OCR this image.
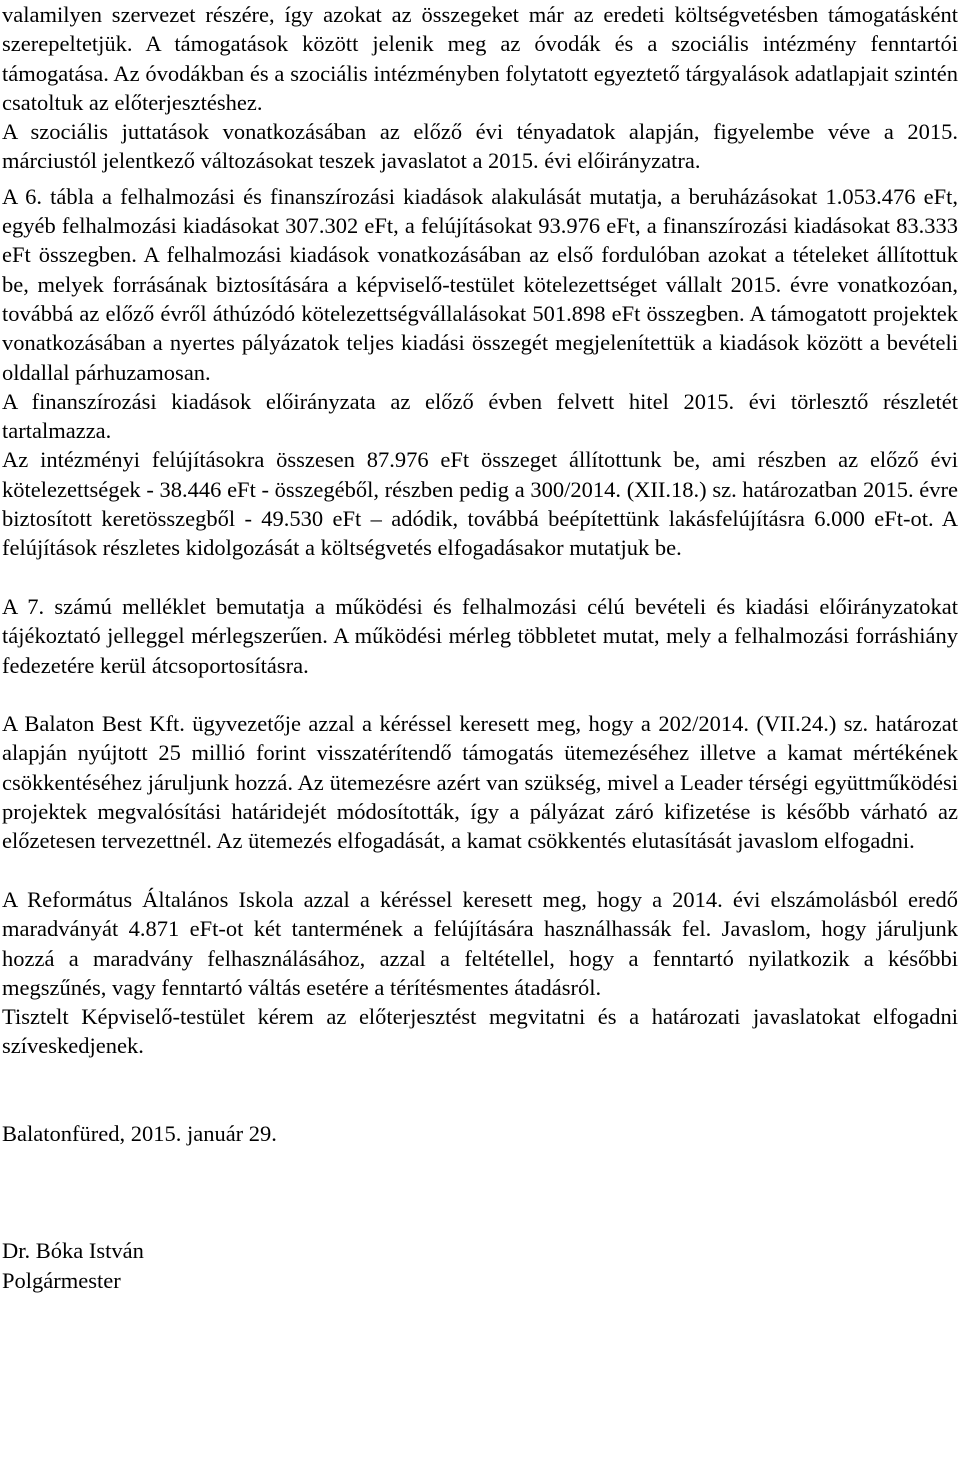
valamilyen szervezet részére, így azokat az összegeket már az eredeti költségvetésben támogatásként szerepeltetjük. A támogatások között jelenik meg az óvodák és a szociális intézmény fenntartói támogatása. Az óvodákban és a szociális intézményben folytatott egyeztető tárgyalások adatlapjait szintén csatoltuk az előterjesztéshez.

A szociális juttatások vonatkozásában az előző évi tényadatok alapján, figyelembe véve a 2015. márciustól jelentkező változásokat teszek javaslatot a 2015. évi előirányzatra.

A 6. tábla a felhalmozási és finanszírozási kiadások alakulását mutatja, a beruházásokat 1.053.476 eFt, egyéb felhalmozási kiadásokat 307.302 eFt, a felújításokat 93.976 eFt, a finanszírozási kiadásokat 83.333 eFt összegben. A felhalmozási kiadások vonatkozásában az első fordulóban azokat a tételeket állítottuk be, melyek forrásának biztosítására a képviselő-testület kötelezettséget vállalt 2015. évre vonatkozóan, továbbá az előző évről áthúzódó kötelezettségvállalásokat 501.898 eFt összegben. A támogatott projektek vonatkozásában a nyertes pályázatok teljes kiadási összegét megjelenítettük a kiadások között a bevételi oldallal párhuzamosan.

A finanszírozási kiadások előirányzata az előző évben felvett hitel 2015. évi törlesztő részletét tartalmazza.

Az intézményi felújításokra összesen 87.976 eFt összeget állítottunk be, ami részben az előző évi kötelezettségek - 38.446 eFt - összegéből, részben pedig a 300/2014. (XII.18.) sz. határozatban 2015. évre biztosított keretösszegből - 49.530 eFt – adódik, továbbá beépítettünk lakásfelújításra 6.000 eFt-ot. A felújítások részletes kidolgozását a költségvetés elfogadásakor mutatjuk be.

A 7. számú melléklet bemutatja a működési és felhalmozási célú bevételi és kiadási előirányzatokat tájékoztató jelleggel mérlegszerűen. A működési mérleg többletet mutat, mely a felhalmozási forráshiány fedezetére kerül átcsoportosításra.

A Balaton Best Kft. ügyvezetője azzal a kéréssel keresett meg, hogy a 202/2014. (VII.24.) sz. határozat alapján nyújtott 25 millió forint visszatérítendő támogatás ütemezéséhez illetve a kamat mértékének csökkentéséhez járuljunk hozzá. Az ütemezésre azért van szükség, mivel a Leader térségi együttműködési projektek megvalósítási határidejét módosították, így a pályázat záró kifizetése is később várható az előzetesen tervezettnél. Az ütemezés elfogadását, a kamat csökkentés elutasítását javaslom elfogadni.

A Református Általános Iskola azzal a kéréssel keresett meg, hogy a 2014. évi elszámolásból eredő maradványát 4.871 eFt-ot két tantermének a felújítására használhassák fel. Javaslom, hogy járuljunk hozzá a maradvány felhasználásához, azzal a feltétellel, hogy a fenntartó nyilatkozik a későbbi megszűnés, vagy fenntartó váltás esetére a térítésmentes átadásról.

Tisztelt Képviselő-testület kérem az előterjesztést megvitatni és a határozati javaslatokat elfogadni szíveskedjenek.

Balatonfüred, 2015. január 29.

Dr. Bóka István

Polgármester
